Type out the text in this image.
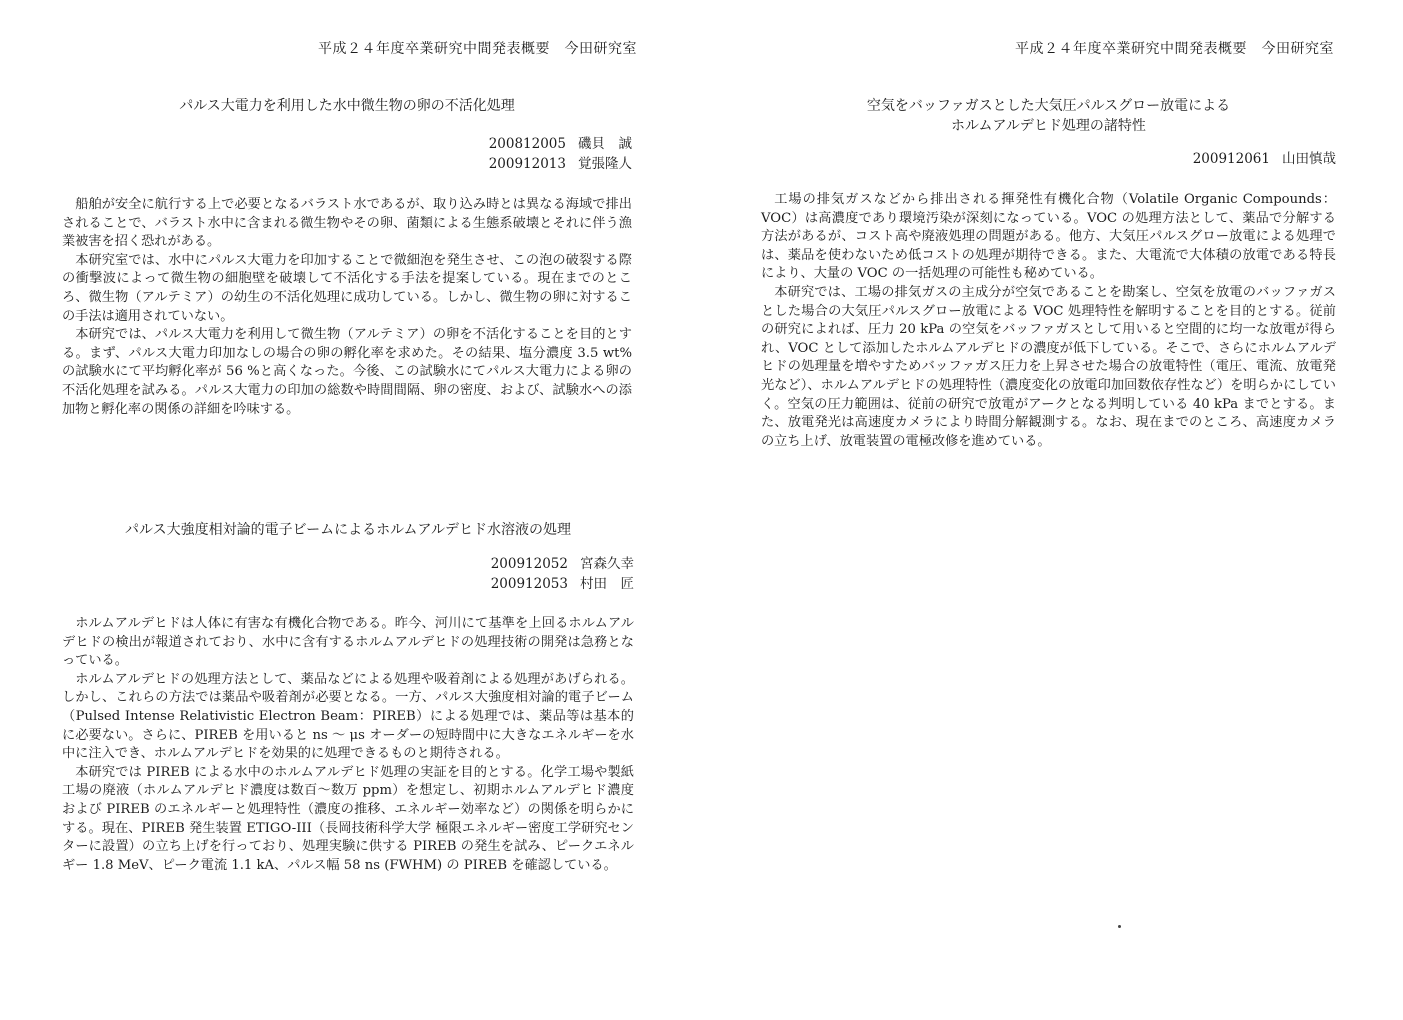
平成２４年度卒業研究中間発表概要　今田研究室	平成２４年度卒業研究中間発表概要　今田研究室
パルス大電力を利用した水中微生物の卵の不活化処理
200812005 磯貝　誠
200912013 覚張隆人

船舶が安全に航行する上で必要となるバラスト水であるが、取り込み時とは異なる海域で排出されることで、バラスト水中に含まれる微生物やその卵、菌類による生態系破壊とそれに伴う漁業被害を招く恐れがある。

本研究室では、水中にパルス大電力を印加することで微細泡を発生させ、この泡の破裂する際の衝撃波によって微生物の細胞壁を破壊して不活化する手法を提案している。現在までのところ、微生物（アルテミア）の幼生の不活化処理に成功している。しかし、微生物の卵に対するこの手法は適用されていない。

本研究では、パルス大電力を利用して微生物（アルテミア）の卵を不活化することを目的とする。まず、パルス大電力印加なしの場合の卵の孵化率を求めた。その結果、塩分濃度 3.5 wt%の試験水にて平均孵化率が 56 %と高くなった。今後、この試験水にてパルス大電力による卵の不活化処理を試みる。パルス大電力の印加の総数や時間間隔、卵の密度、および、試験水への添加物と孵化率の関係の詳細を吟味する。

パルス大強度相対論的電子ビームによるホルムアルデヒド水溶液の処理
200912052 宮森久幸
200912053 村田　匠

ホルムアルデヒドは人体に有害な有機化合物である。昨今、河川にて基準を上回るホルムアルデヒドの検出が報道されており、水中に含有するホルムアルデヒドの処理技術の開発は急務となっている。

ホルムアルデヒドの処理方法として、薬品などによる処理や吸着剤による処理があげられる。しかし、これらの方法では薬品や吸着剤が必要となる。一方、パルス大強度相対論的電子ビーム（Pulsed Intense Relativistic Electron Beam：PIREB）による処理では、薬品等は基本的に必要ない。さらに、PIREB を用いると ns ～ μs オーダーの短時間中に大きなエネルギーを水中に注入でき、ホルムアルデヒドを効果的に処理できるものと期待される。

本研究では PIREB による水中のホルムアルデヒド処理の実証を目的とする。化学工場や製紙工場の廃液（ホルムアルデヒド濃度は数百～数万 ppm）を想定し、初期ホルムアルデヒド濃度および PIREB のエネルギーと処理特性（濃度の推移、エネルギー効率など）の関係を明らかにする。現在、PIREB 発生装置 ETIGO-III（長岡技術科学大学 極限エネルギー密度工学研究センターに設置）の立ち上げを行っており、処理実験に供する PIREB の発生を試み、ピークエネルギー 1.8 MeV、ピーク電流 1.1 kA、パルス幅 58 ns (FWHM) の PIREB を確認している。

空気をバッファガスとした大気圧パルスグロー放電による
ホルムアルデヒド処理の諸特性
200912061 山田慎哉

工場の排気ガスなどから排出される揮発性有機化合物（Volatile Organic Compounds：VOC）は高濃度であり環境汚染が深刻になっている。VOC の処理方法として、薬品で分解する方法があるが、コスト高や廃液処理の問題がある。他方、大気圧パルスグロー放電による処理では、薬品を使わないため低コストの処理が期待できる。また、大電流で大体積の放電である特長により、大量の VOC の一括処理の可能性も秘めている。

本研究では、工場の排気ガスの主成分が空気であることを勘案し、空気を放電のバッファガスとした場合の大気圧パルスグロー放電による VOC 処理特性を解明することを目的とする。従前の研究によれば、圧力 20 kPa の空気をバッファガスとして用いると空間的に均一な放電が得られ、VOC として添加したホルムアルデヒドの濃度が低下している。そこで、さらにホルムアルデヒドの処理量を増やすためバッファガス圧力を上昇させた場合の放電特性（電圧、電流、放電発光など）、ホルムアルデヒドの処理特性（濃度変化の放電印加回数依存性など）を明らかにしていく。空気の圧力範囲は、従前の研究で放電がアークとなる判明している 40 kPa までとする。また、放電発光は高速度カメラにより時間分解観測する。なお、現在までのところ、高速度カメラの立ち上げ、放電装置の電極改修を進めている。
